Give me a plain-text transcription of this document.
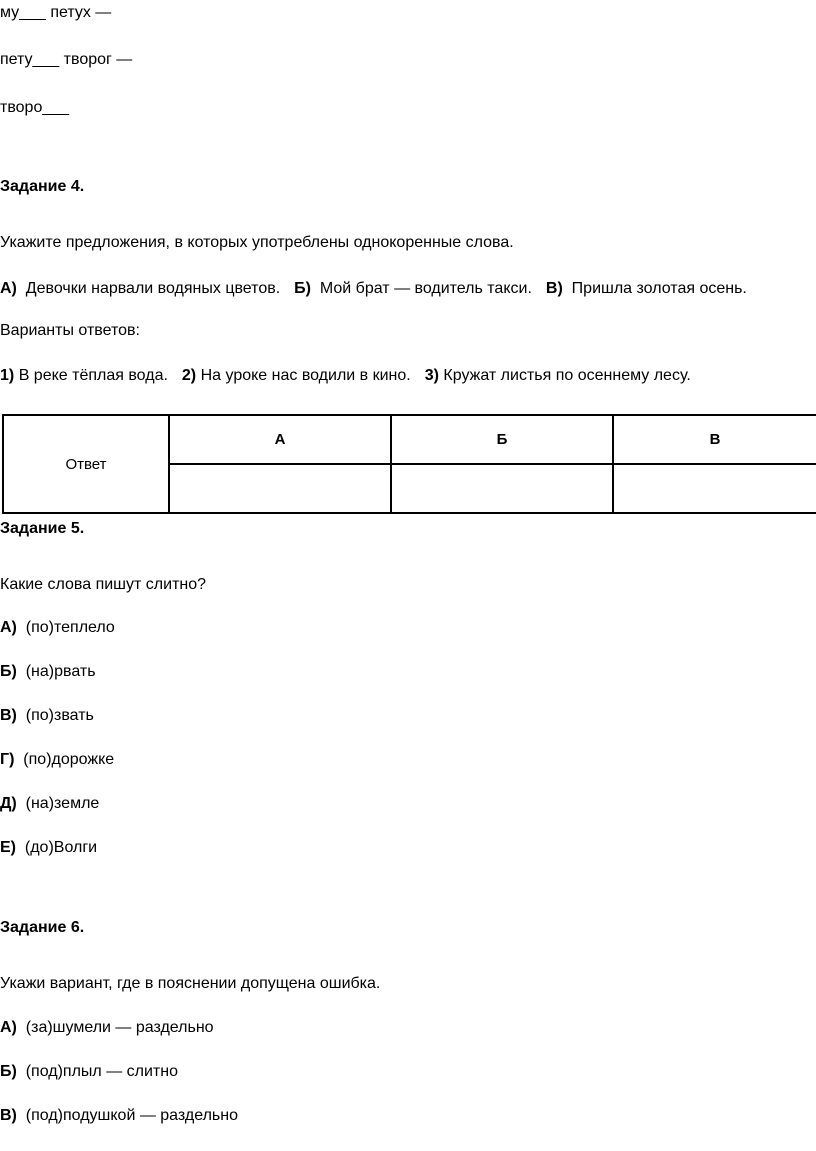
му___ петух —
пету___ творог —
творо___
Задание 4.
Укажите предложения, в которых употреблены однокоренные слова.
А) Девочки нарвали водяных цветов. Б) Мой брат — водитель такси. В) Пришла золотая осень.
Варианты ответов:
1) В реке тёплая вода. 2) На уроке нас водили в кино. 3) Кружат листья по осеннему лесу.
Ответ	А	Б	В

Задание 5.
Какие слова пишут слитно?
А) (по)теплело
Б) (на)рвать
В) (по)звать
Г) (по)дорожке
Д) (на)земле
Е) (до)Волги
Задание 6.
Укажи вариант, где в пояснении допущена ошибка.
А) (за)шумели — раздельно
Б) (под)плыл — слитно
В) (под)подушкой — раздельно
